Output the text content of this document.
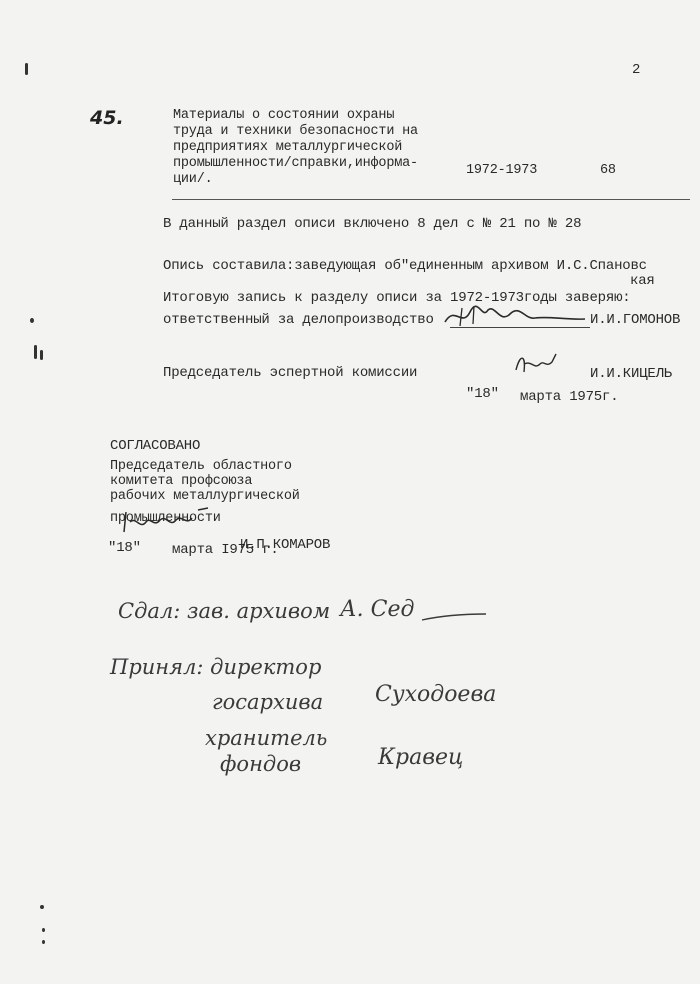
2
45.	Материалы о состоянии охраны
труда и техники безопасности на
предприятиях металлургической
промышленности/справки,информа-
ции/.
1972-1973	68
В данный раздел описи включено 8 дел с № 21 по № 28
Опись составила:заведующая об"единенным архивом И.С.Спановс
кая
Итоговую запись к разделу описи за 1972-1973годы заверяю:
ответственный за делопроизводство	И.И.ГОМОНОВ
Председатель эспертной комиссии	И.И.КИЦЕЛЬ
"18" марта 1975г.
СОГЛАСОВАНО
Председатель областного
комитета профсоюза
рабочих металлургической
промышленности
И.П.КОМАРОВ
"18" марта I975 г.
Сдал: зав. архивом А. Сед
Принял: директор
госархива Суходоева
хранитель
фондов	Кравец
